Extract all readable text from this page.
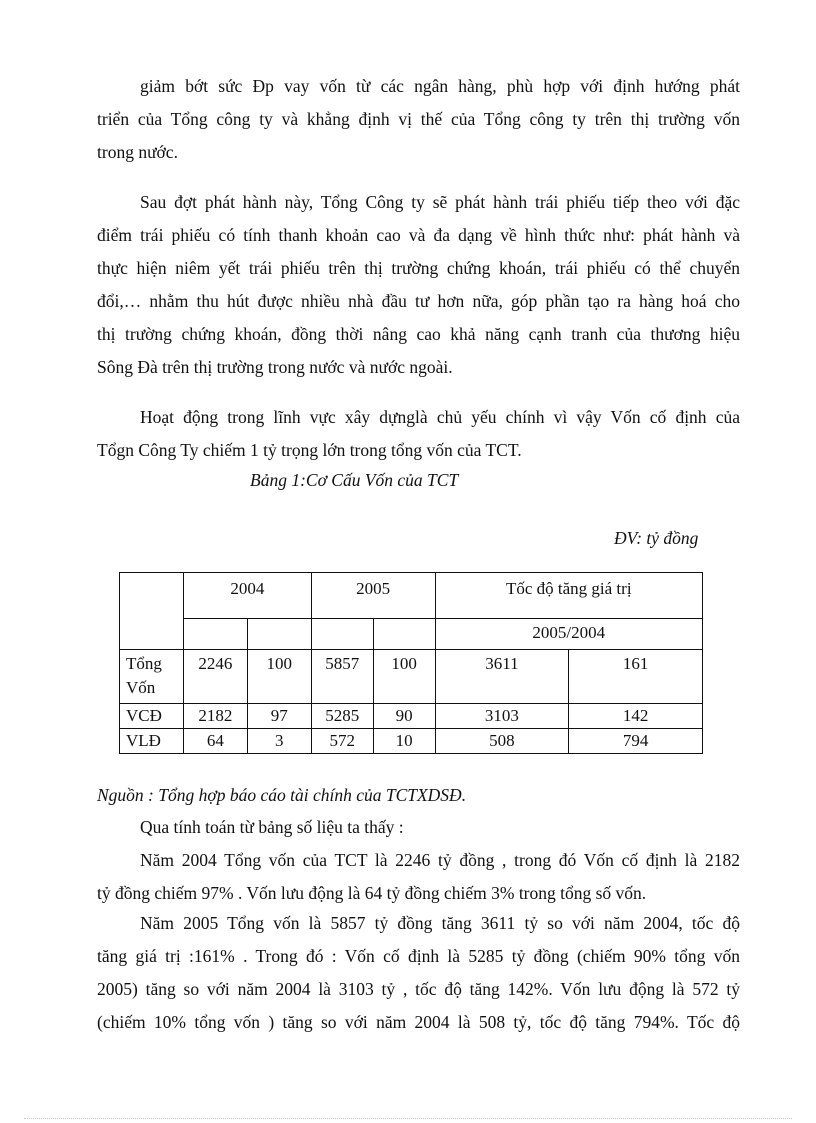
giảm bớt sức Đp vay vốn từ các ngân hàng, phù hợp với định hướng phát
triển của Tổng công ty và khẳng định vị thế của Tổng công ty trên thị trường vốn
trong nước.
Sau đợt phát hành này, Tổng Công ty sẽ phát hành trái phiếu tiếp theo với đặc
điểm trái phiếu có tính thanh khoản cao và đa dạng về hình thức như: phát hành và
thực hiện niêm yết trái phiếu trên thị trường chứng khoán, trái phiếu có thể chuyển
đổi,… nhằm thu hút được nhiều nhà đầu tư hơn nữa, góp phần tạo ra hàng hoá cho
thị trường chứng khoán, đồng thời nâng cao khả năng cạnh tranh của thương hiệu
Sông Đà trên thị trường trong nước và nước ngoài.
Hoạt động trong lĩnh vực xây dựnglà chủ yếu chính vì vậy Vốn cố định của
Tổgn Công Ty chiếm 1 tỷ trọng lớn trong tổng vốn của TCT.
Bảng 1:Cơ Cấu Vốn của TCT
ĐV: tỷ đồng
	2004		2005		Tốc độ tăng giá trị	
					2005/2004	

Tổng
Vốn	2246	100	5857	100	3611	161
VCĐ	2182	97	5285	90	3103	142
VLĐ	64	3	572	10	508	794
Nguồn : Tổng hợp báo cáo tài chính của TCTXDSĐ.
Qua tính toán từ bảng số liệu ta thấy :
Năm 2004 Tổng vốn của TCT là 2246 tỷ đồng , trong đó Vốn cố định là 2182
tỷ đồng chiếm 97% . Vốn lưu động là 64 tỷ đồng chiếm 3% trong tổng số vốn.
Năm 2005 Tổng vốn là 5857 tỷ đồng tăng 3611 tỷ so với năm 2004, tốc độ
tăng giá trị :161% . Trong đó : Vốn cố định là 5285 tỷ đồng (chiếm 90% tổng vốn
2005) tăng so với năm 2004 là 3103 tỷ , tốc độ tăng 142%. Vốn lưu động là 572 tỷ
(chiếm 10% tổng vốn ) tăng so với năm 2004 là 508 tỷ, tốc độ tăng 794%. Tốc độ
